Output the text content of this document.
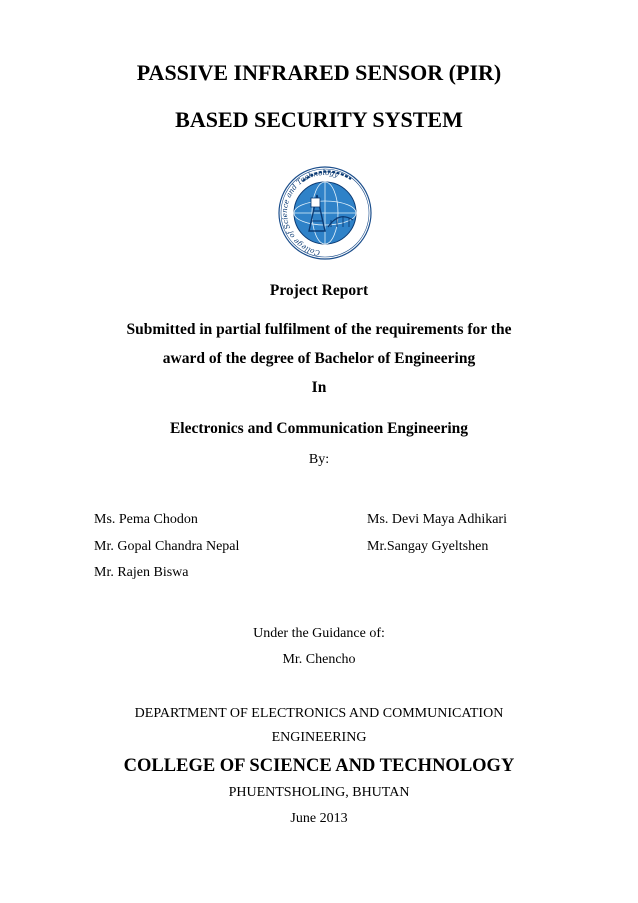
PASSIVE INFRARED SENSOR (PIR)
BASED SECURITY SYSTEM
College of Science and Technology
Project Report
Submitted in partial fulfilment of the requirements for the
award of the degree of Bachelor of Engineering
In
Electronics and Communication Engineering
By:
Ms. Pema Chodon
Mr. Gopal Chandra Nepal
Mr. Rajen Biswa
Ms. Devi Maya Adhikari
Mr.Sangay Gyeltshen
Under the Guidance of:
Mr. Chencho
DEPARTMENT OF ELECTRONICS AND COMMUNICATION
ENGINEERING
COLLEGE OF SCIENCE AND TECHNOLOGY
PHUENTSHOLING, BHUTAN
June 2013
